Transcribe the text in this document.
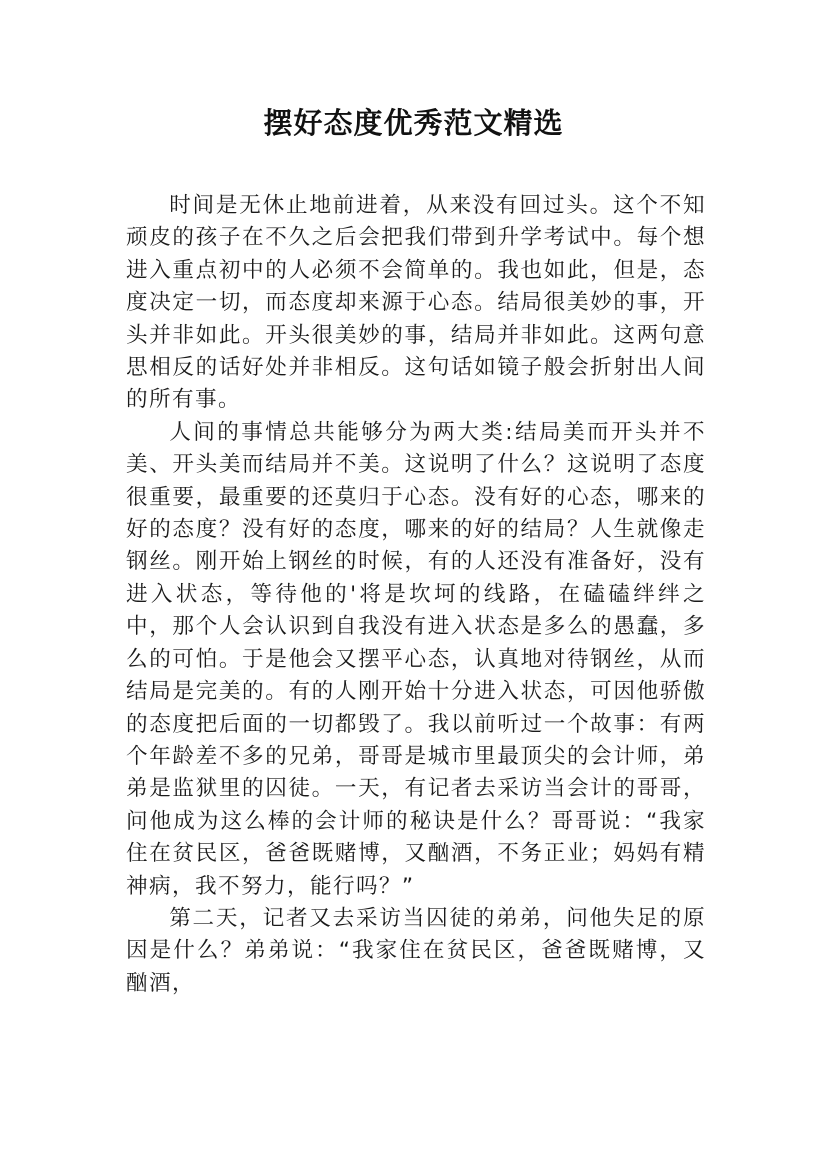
摆好态度优秀范文精选

时间是无休止地前进着，从来没有回过头。这个不知顽皮的孩子在不久之后会把我们带到升学考试中。每个想进入重点初中的人必须不会简单的。我也如此，但是，态度决定一切，而态度却来源于心态。结局很美妙的事，开头并非如此。开头很美妙的事，结局并非如此。这两句意思相反的话好处并非相反。这句话如镜子般会折射出人间的所有事。

人间的事情总共能够分为两大类:结局美而开头并不美、开头美而结局并不美。这说明了什么？这说明了态度很重要，最重要的还莫归于心态。没有好的心态，哪来的好的态度？没有好的态度，哪来的好的结局？人生就像走钢丝。刚开始上钢丝的时候，有的人还没有准备好，没有进入状态，等待他的'将是坎坷的线路，在磕磕绊绊之中，那个人会认识到自我没有进入状态是多么的愚蠢，多么的可怕。于是他会又摆平心态，认真地对待钢丝，从而结局是完美的。有的人刚开始十分进入状态，可因他骄傲的态度把后面的一切都毁了。我以前听过一个故事：有两个年龄差不多的兄弟，哥哥是城市里最顶尖的会计师，弟弟是监狱里的囚徒。一天，有记者去采访当会计的哥哥，问他成为这么棒的会计师的秘诀是什么？哥哥说：“我家住在贫民区，爸爸既赌博，又酗酒，不务正业；妈妈有精神病，我不努力，能行吗？”

第二天，记者又去采访当囚徒的弟弟，问他失足的原因是什么？弟弟说：“我家住在贫民区，爸爸既赌博，又酗酒，
